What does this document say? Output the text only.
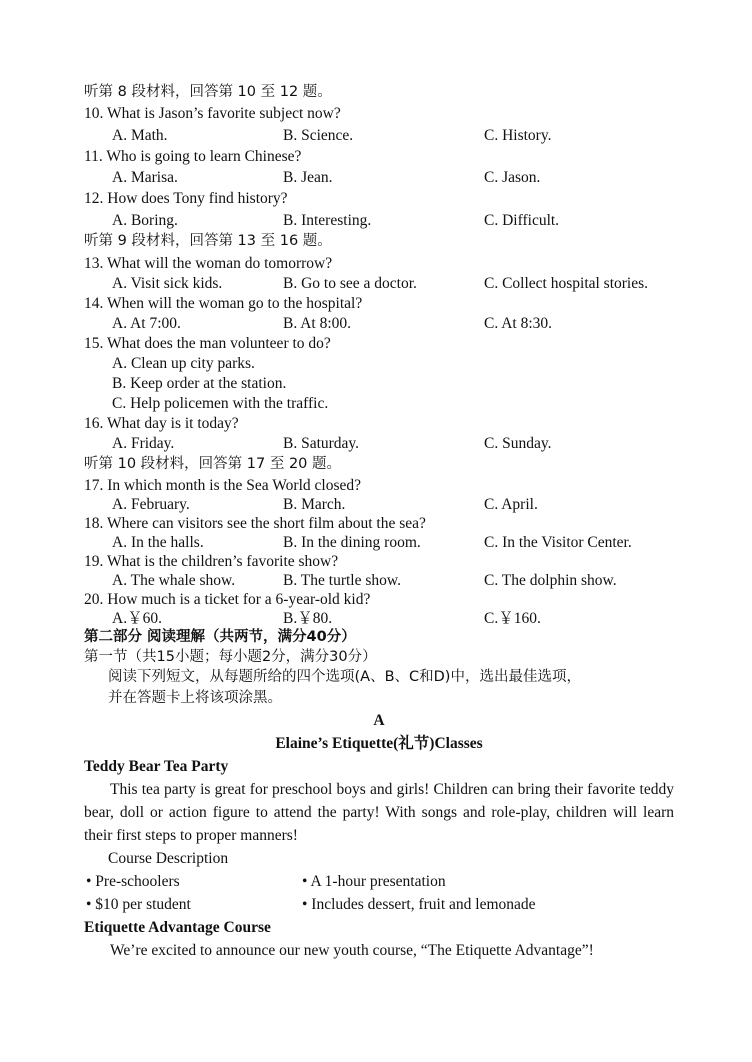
听第 8 段材料，回答第 10 至 12 题。
10. What is Jason’s favorite subject now?
A. Math.	B. Science.	C. History.
11. Who is going to learn Chinese?
A. Marisa.	B. Jean.	C. Jason.
12. How does Tony find history?
A. Boring.	B. Interesting.	C. Difficult.
听第 9 段材料，回答第 13 至 16 题。
13. What will the woman do tomorrow?
A. Visit sick kids.	B. Go to see a doctor.	C. Collect hospital stories.
14. When will the woman go to the hospital?
A. At 7:00.	B. At 8:00.	C. At 8:30.
15. What does the man volunteer to do?
A. Clean up city parks.
B. Keep order at the station.
C. Help policemen with the traffic.
16. What day is it today?
A. Friday.	B. Saturday.	C. Sunday.
听第 10 段材料，回答第 17 至 20 题。
17. In which month is the Sea World closed?
A. February.	B. March.	C. April.
18. Where can visitors see the short film about the sea?
A. In the halls.	B. In the dining room.	C. In the Visitor Center.
19. What is the children’s favorite show?
A. The whale show.	B. The turtle show.	C. The dolphin show.
20. How much is a ticket for a 6-year-old kid?
A.￥60.	B.￥80.	C.￥160.
第二部分 阅读理解（共两节，满分40分）
第一节（共15小题；每小题2分，满分30分）
阅读下列短文，从每题所给的四个选项(A、B、C和D)中，选出最佳选项，
并在答题卡上将该项涂黑。
A
Elaine’s Etiquette(礼节)Classes
Teddy Bear Tea Party
This tea party is great for preschool boys and girls! Children can bring their favorite teddy bear, doll or action figure to attend the party! With songs and role-play, children will learn their first steps to proper manners!
Course Description
• Pre-schoolers	• A 1-hour presentation
• $10 per student	• Includes dessert, fruit and lemonade
Etiquette Advantage Course
We’re excited to announce our new youth course, “The Etiquette Advantage”!
